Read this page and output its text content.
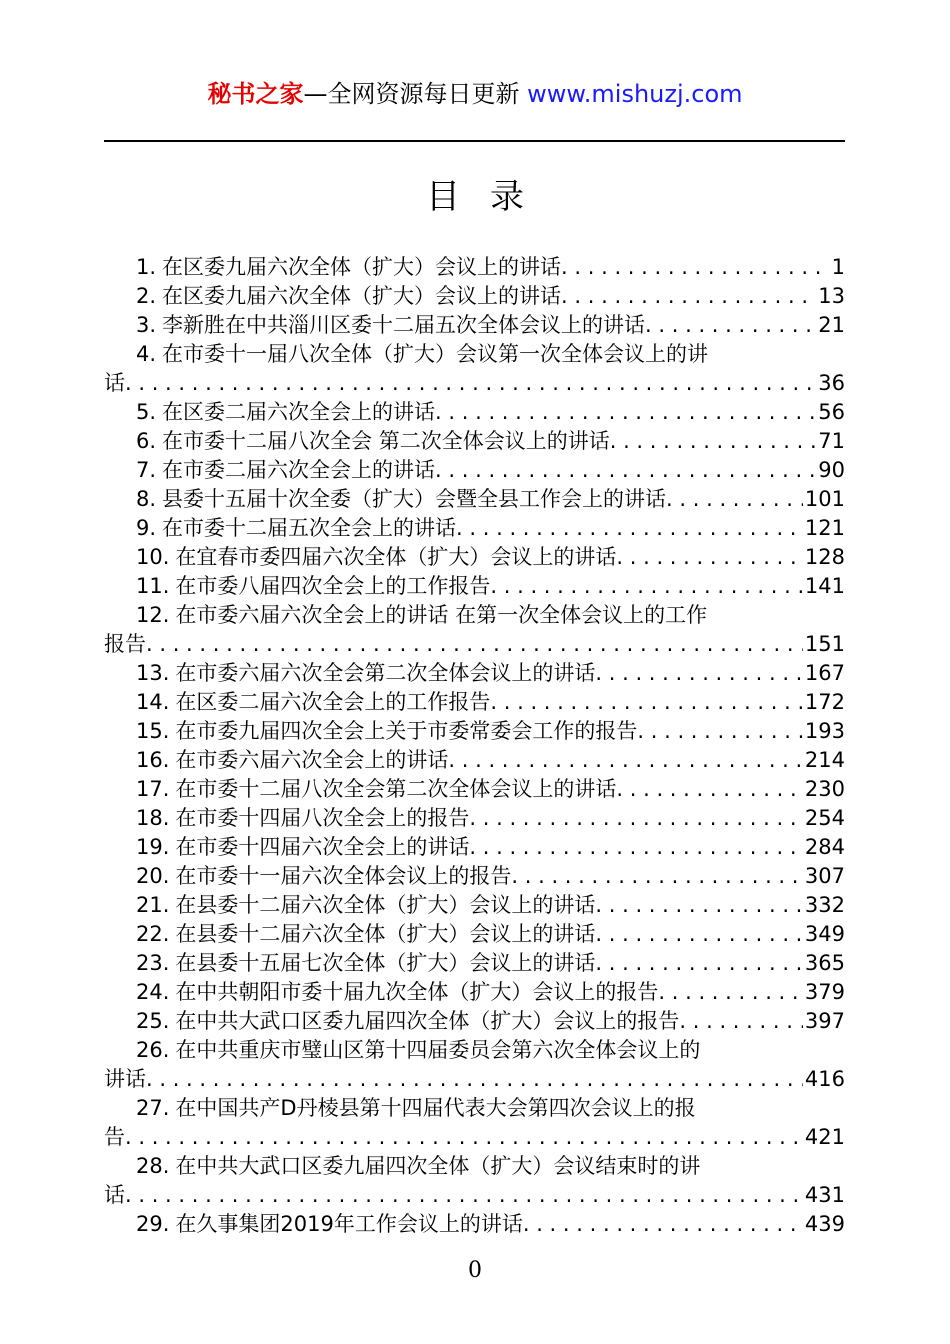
秘书之家—全网资源每日更新 www.mishuzj.com
目录
1. 在区委九届六次全体（扩大）会议上的讲话 . . .	1
2. 在区委九届六次全体（扩大）会议上的讲话 . . .	13
3. 李新胜在中共淄川区委十二届五次全体会议上的讲话 . . .	21
4. 在市委十一届八次全体（扩大）会议第一次全体会议上的讲
话 . . .	36
5. 在区委二届六次全会上的讲话 . . .	56
6. 在市委十二届八次全会 第二次全体会议上的讲话 . . .	71
7. 在市委二届六次全会上的讲话 . . .	90
8. 县委十五届十次全委（扩大）会暨全县工作会上的讲话 . . .	101
9. 在市委十二届五次全会上的讲话 . . .	121
10. 在宜春市委四届六次全体（扩大）会议上的讲话 . . .	128
11. 在市委八届四次全会上的工作报告 . . .	141
12. 在市委六届六次全会上的讲话 在第一次全体会议上的工作
报告 . . .	151
13. 在市委六届六次全会第二次全体会议上的讲话 . . .	167
14. 在区委二届六次全会上的工作报告 . . .	172
15. 在市委九届四次全会上关于市委常委会工作的报告 . . .	193
16. 在市委六届六次全会上的讲话 . . .	214
17. 在市委十二届八次全会第二次全体会议上的讲话 . . .	230
18. 在市委十四届八次全会上的报告 . . .	254
19. 在市委十四届六次全会上的讲话 . . .	284
20. 在市委十一届六次全体会议上的报告 . . .	307
21. 在县委十二届六次全体（扩大）会议上的讲话 . . .	332
22. 在县委十二届六次全体（扩大）会议上的讲话 . . .	349
23. 在县委十五届七次全体（扩大）会议上的讲话 . . .	365
24. 在中共朝阳市委十届九次全体（扩大）会议上的报告 . . .	379
25. 在中共大武口区委九届四次全体（扩大）会议上的报告 . . .	397
26. 在中共重庆市璧山区第十四届委员会第六次全体会议上的
讲话 . . .	416
27. 在中国共产D丹棱县第十四届代表大会第四次会议上的报
告 . . .	421
28. 在中共大武口区委九届四次全体（扩大）会议结束时的讲
话 . . .	431
29. 在久事集团2019年工作会议上的讲话 . . .	439
0
